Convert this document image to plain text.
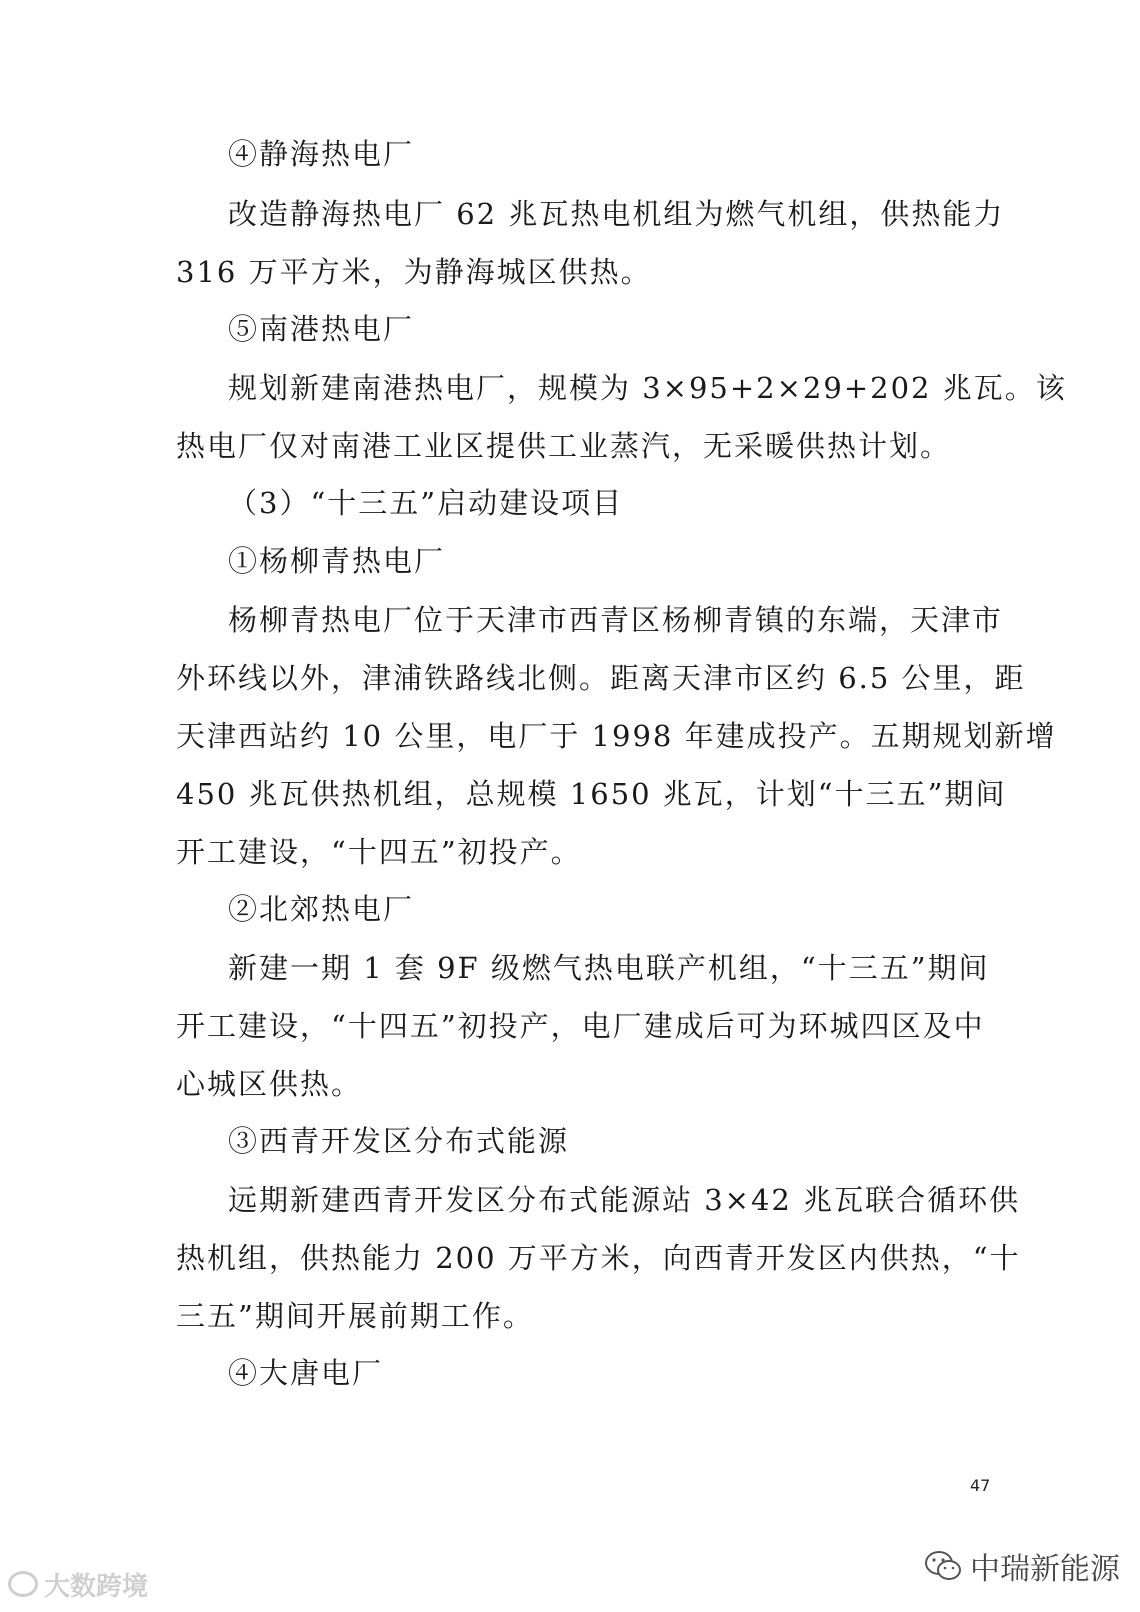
④静海热电厂
改造静海热电厂 62 兆瓦热电机组为燃气机组，供热能力
316 万平方米，为静海城区供热。
⑤南港热电厂
规划新建南港热电厂，规模为 3×95+2×29+202 兆瓦。该
热电厂仅对南港工业区提供工业蒸汽，无采暖供热计划。
（3）“十三五”启动建设项目
①杨柳青热电厂
杨柳青热电厂位于天津市西青区杨柳青镇的东端，天津市
外环线以外，津浦铁路线北侧。距离天津市区约 6.5 公里，距
天津西站约 10 公里，电厂于 1998 年建成投产。五期规划新增
450 兆瓦供热机组，总规模 1650 兆瓦，计划“十三五”期间
开工建设，“十四五”初投产。
②北郊热电厂
新建一期 1 套 9F 级燃气热电联产机组，“十三五”期间
开工建设，“十四五”初投产，电厂建成后可为环城四区及中
心城区供热。
③西青开发区分布式能源
远期新建西青开发区分布式能源站 3×42 兆瓦联合循环供
热机组，供热能力 200 万平方米，向西青开发区内供热，“十
三五”期间开展前期工作。
④大唐电厂
47
大数跨境	中瑞新能源
